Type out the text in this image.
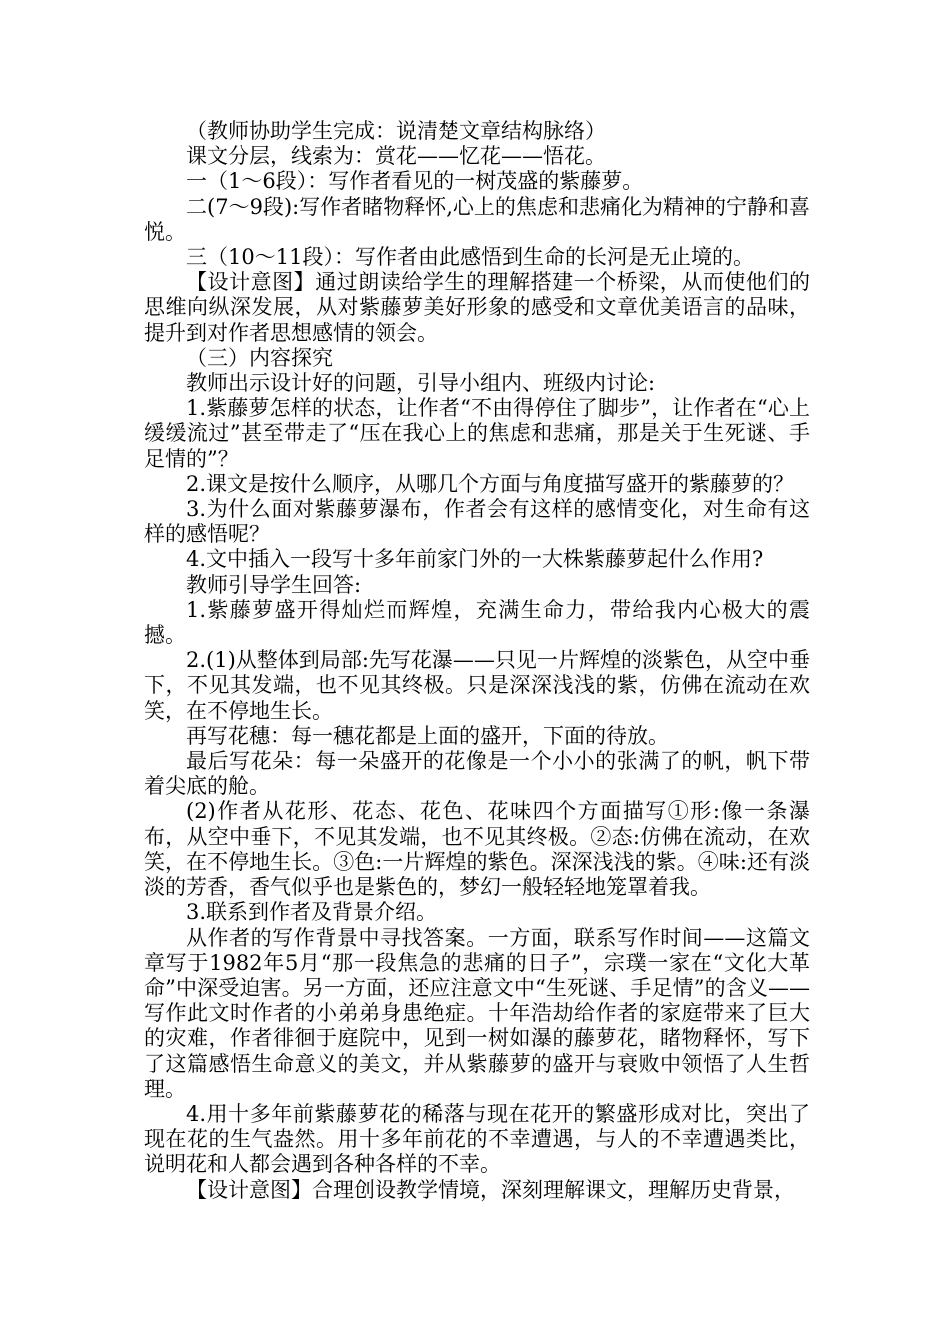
（教师协助学生完成：说清楚文章结构脉络）

课文分层，线索为：赏花——忆花——悟花。

一（1～6段）：写作者看见的一树茂盛的紫藤萝。

二(7～9段):写作者睹物释怀,心上的焦虑和悲痛化为精神的宁静和喜悦。

三（10～11段）：写作者由此感悟到生命的长河是无止境的。

【设计意图】通过朗读给学生的理解搭建一个桥梁，从而使他们的思维向纵深发展，从对紫藤萝美好形象的感受和文章优美语言的品味，提升到对作者思想感情的领会。

（三）内容探究

教师出示设计好的问题，引导小组内、班级内讨论:

1.紫藤萝怎样的状态，让作者“不由得停住了脚步”，让作者在“心上缓缓流过”甚至带走了“压在我心上的焦虑和悲痛，那是关于生死谜、手足情的”？

2.课文是按什么顺序，从哪几个方面与角度描写盛开的紫藤萝的？

3.为什么面对紫藤萝瀑布，作者会有这样的感情变化，对生命有这样的感悟呢？

4.文中插入一段写十多年前家门外的一大株紫藤萝起什么作用?

教师引导学生回答:

1.紫藤萝盛开得灿烂而辉煌，充满生命力，带给我内心极大的震撼。

2.(1)从整体到局部:先写花瀑——只见一片辉煌的淡紫色，从空中垂下，不见其发端，也不见其终极。只是深深浅浅的紫，仿佛在流动在欢笑，在不停地生长。

再写花穗：每一穗花都是上面的盛开，下面的待放。

最后写花朵：每一朵盛开的花像是一个小小的张满了的帆，帆下带着尖底的舱。

(2)作者从花形、花态、花色、花味四个方面描写①形:像一条瀑布，从空中垂下，不见其发端，也不见其终极。②态:仿佛在流动，在欢笑，在不停地生长。③色:一片辉煌的紫色。深深浅浅的紫。④味:还有淡淡的芳香，香气似乎也是紫色的，梦幻一般轻轻地笼罩着我。

3.联系到作者及背景介绍。

从作者的写作背景中寻找答案。一方面，联系写作时间——这篇文章写于1982年5月“那一段焦急的悲痛的日子”，宗璞一家在“文化大革命”中深受迫害。另一方面，还应注意文中“生死谜、手足情”的含义——写作此文时作者的小弟弟身患绝症。十年浩劫给作者的家庭带来了巨大的灾难，作者徘徊于庭院中，见到一树如瀑的藤萝花，睹物释怀，写下了这篇感悟生命意义的美文，并从紫藤萝的盛开与衰败中领悟了人生哲理。

4.用十多年前紫藤萝花的稀落与现在花开的繁盛形成对比，突出了现在花的生气盎然。用十多年前花的不幸遭遇，与人的不幸遭遇类比，说明花和人都会遇到各种各样的不幸。

【设计意图】合理创设教学情境，深刻理解课文，理解历史背景，
